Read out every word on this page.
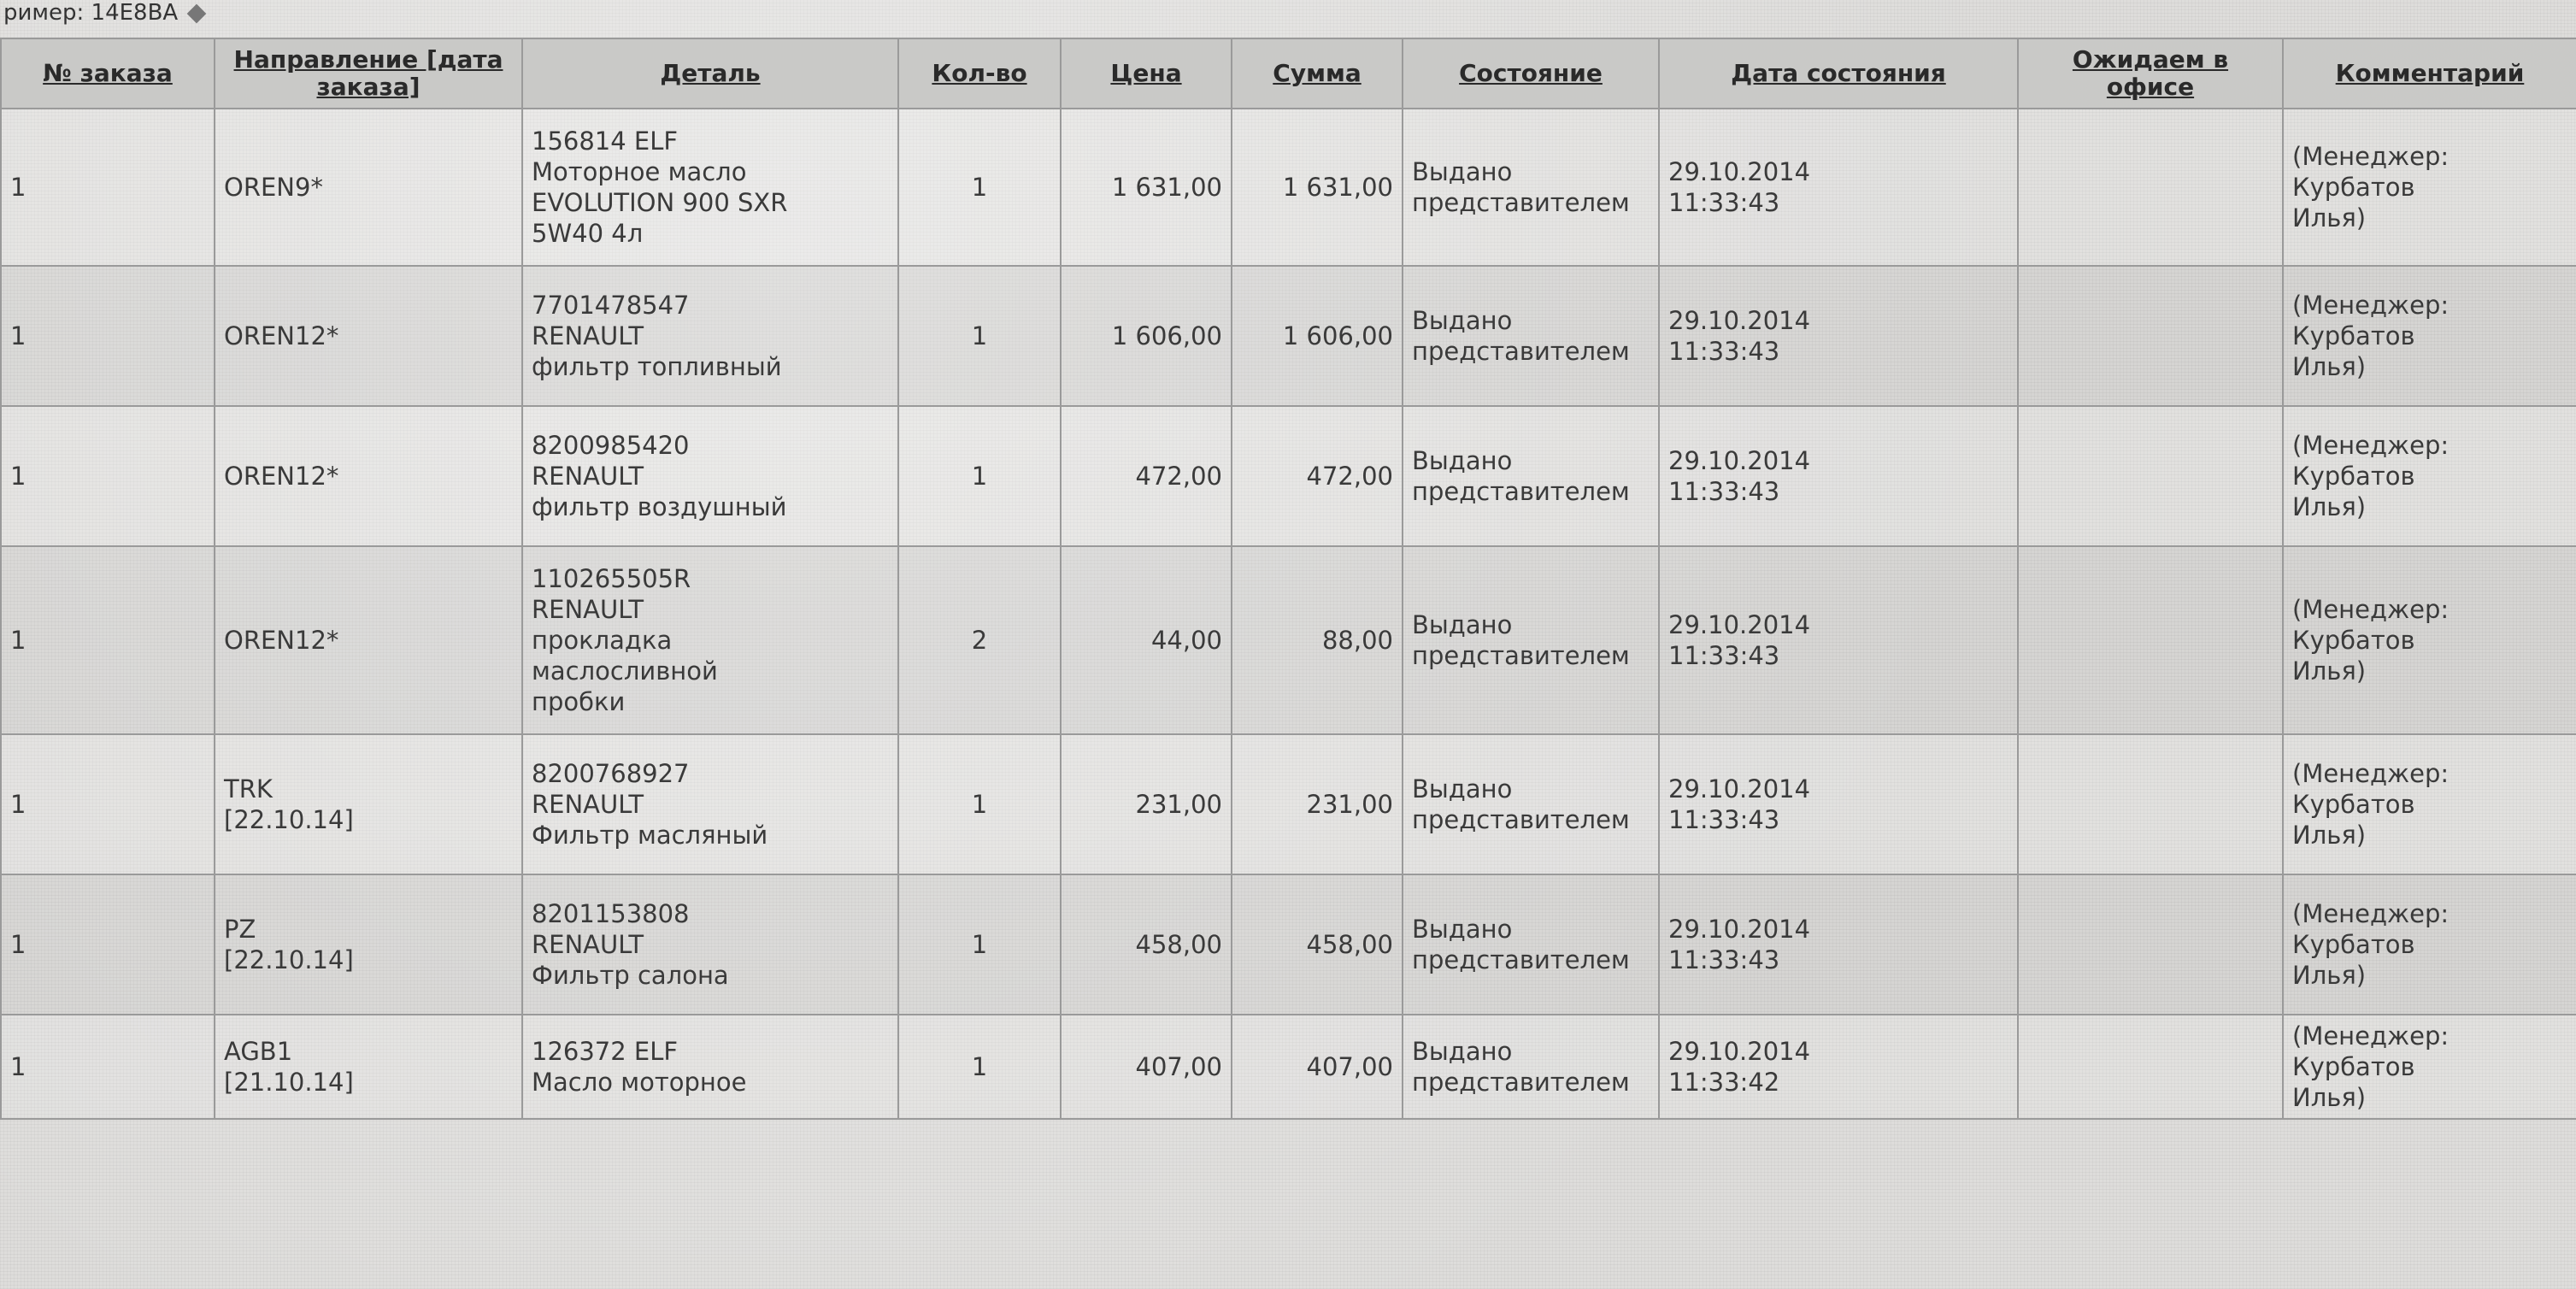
ример: 14E8BA
№ заказа	Направление [дата заказа]	Деталь	Кол-во	Цена	Сумма	Состояние	Дата состояния	Ожидаем в офисе	Комментарий

1	OREN9*	156814 ELF
Моторное масло
EVOLUTION 900 SXR
5W40 4л	1	1 631,00	1 631,00	Выдано
представителем	29.10.2014
11:33:43		(Менеджер:
Курбатов
Илья)

1	OREN12*	7701478547
RENAULT
фильтр топливный	1	1 606,00	1 606,00	Выдано
представителем	29.10.2014
11:33:43		(Менеджер:
Курбатов
Илья)

1	OREN12*	8200985420
RENAULT
фильтр воздушный	1	472,00	472,00	Выдано
представителем	29.10.2014
11:33:43		(Менеджер:
Курбатов
Илья)

1	OREN12*	110265505R
RENAULT
прокладка
маслосливной
пробки	2	44,00	88,00	Выдано
представителем	29.10.2014
11:33:43		(Менеджер:
Курбатов
Илья)

1	TRK
[22.10.14]	8200768927
RENAULT
Фильтр масляный	1	231,00	231,00	Выдано
представителем	29.10.2014
11:33:43		(Менеджер:
Курбатов
Илья)

1	PZ
[22.10.14]	8201153808
RENAULT
Фильтр салона	1	458,00	458,00	Выдано
представителем	29.10.2014
11:33:43		(Менеджер:
Курбатов
Илья)

1	AGB1
[21.10.14]	126372 ELF
Масло моторное	1	407,00	407,00	Выдано
представителем	29.10.2014
11:33:42		(Менеджер:
Курбатов
Илья)
